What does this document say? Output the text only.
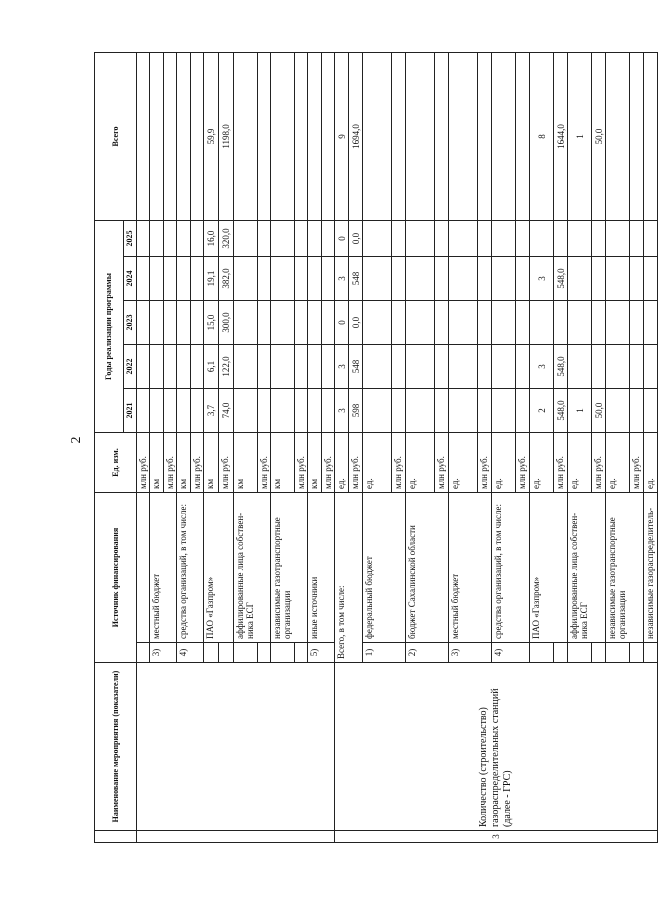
2
	Наименование мероприятия (показатели)	Источник финансирования		Ед. изм.	Годы реализации программы					Всего
					2021	2022	2023	2024	2025	
				млн руб.						
		3)	местный бюджет	км						
				млн руб.						
		4)	средства организаций, в том числе:	км						
				млн руб.						
			ПАО «Газпром»	км	3,7	6,1	15,0	19,1	16,0	59,9
				млн руб.	74,0	122,0	300,0	382,0	320,0	1198,0
			аффилированные лица собствен-ника ЕСГ	км						
				млн руб.						
			независимые газотранспортные организации	км						
				млн руб.						
		5)	иные источники	км						
				млн руб.						
3	Количество (строительство) газораспределительных станций (далее - ГРС)	Всего, в том числе:		ед.	3	3	0	3	0	9
				млн руб.	598	548	0,0	548	0,0	1694,0
		1)	федеральный бюджет	ед.						
				млн руб.						
		2)	бюджет Сахалинской области	ед.						
				млн руб.						
		3)	местный бюджет	ед.						
				млн руб.						
		4)	средства организаций, в том числе:	ед.						
				млн руб.						
			ПАО «Газпром»	ед.	2	3		3		8
				млн руб.	548,0	548,0		548,0		1644,0
			аффилированные лица собствен-ника ЕСГ	ед.	1					1
				млн руб.	50,0					50,0
			независимые газотранспортные организации	ед.						
				млн руб.						
			независимые газораспределитель-	ед.						
